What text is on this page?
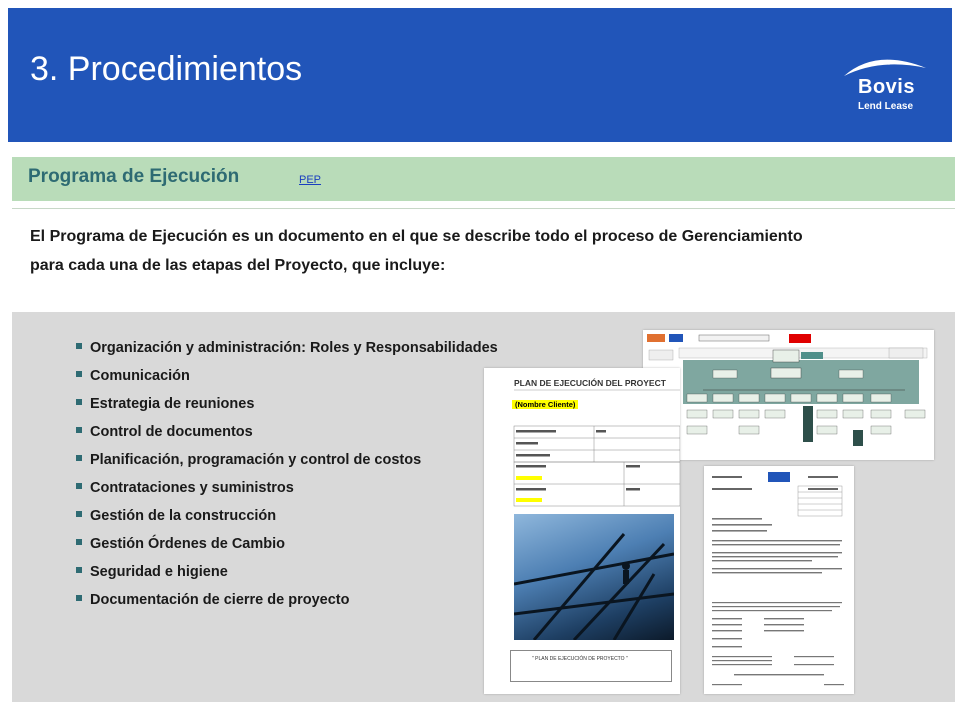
3. Procedimientos	Bovis
Lend Lease
Programa de Ejecución	PEP
El Programa de Ejecución es un documento en el que se describe todo el proceso de Gerenciamiento
para cada una de las etapas del Proyecto, que incluye:
Organización y administración: Roles y Responsabilidades
Comunicación
Estrategia de reuniones
Control de documentos
Planificación, programación y control de costos
Contrataciones y suministros
Gestión de la construcción
Gestión Órdenes de Cambio
Seguridad e higiene
Documentación de cierre de proyecto
PLAN DE EJECUCIÓN DEL PROYECT
(Nombre Cliente)
" PLAN DE EJECUCIÓN DE PROYECTO "
